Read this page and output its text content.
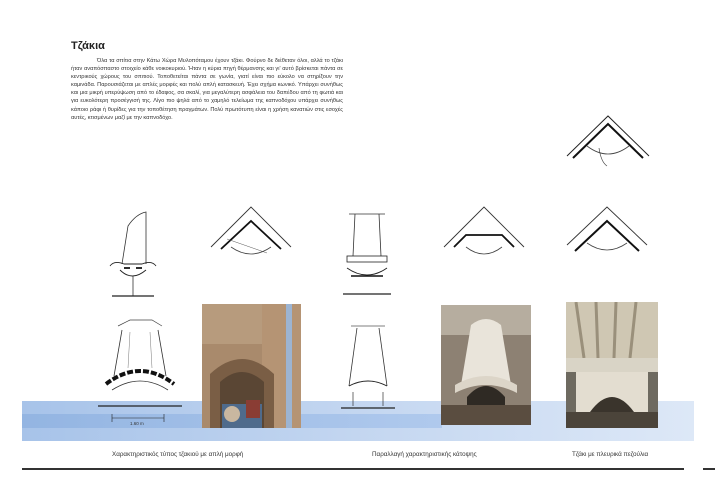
Τζάκια
Όλα τα σπίτια στην Κάτω Χώρα Μυλοπόταμου έχουν τζάκι. Φούρνο δε διέθεταν όλοι, αλλά το τζάκι ήταν αναπόσπαστο στοιχείο κάθε νοικοκυριού. Ήταν η κύρια πηγή θέρμανσης και γι' αυτό βρίσκεται πάντα σε κεντρικούς χώρους του σπιτιού. Τοποθετείται πάντα σε γωνία, γιατί είναι πιο εύκολο να στηρίξουν την καμινάδα. Παρουσιάζεται με απλές μορφές και πολύ απλή κατασκευή. Έχει σχήμα κωνικό. Υπάρχει συνήθως και μια μικρή υπερύψωση από το έδαφος, σα σκαλί, για μεγαλύτερη ασφάλεια του δαπέδου από τη φωτιά και για ευκολότερη προσέγγισή της. Λίγο πιο ψηλά από το χαμηλό τελείωμα της καπνοδόχου υπάρχει συνήθως κάποιο ράφι ή θυρίδες για την τοποθέτηση πραγμάτων. Πολύ πρωτότυπη είναι η χρήση κανατιών στις εσοχές αυτές, κτισμένων μαζί με την καπνοδόχο.
1.60 m
Χαρακτηριστικός τύπος τζακιού με απλή μορφή	Παραλλαγή χαρακτηριστικής κάτοψης	Τζάκι με πλευρικά πεζούλια
